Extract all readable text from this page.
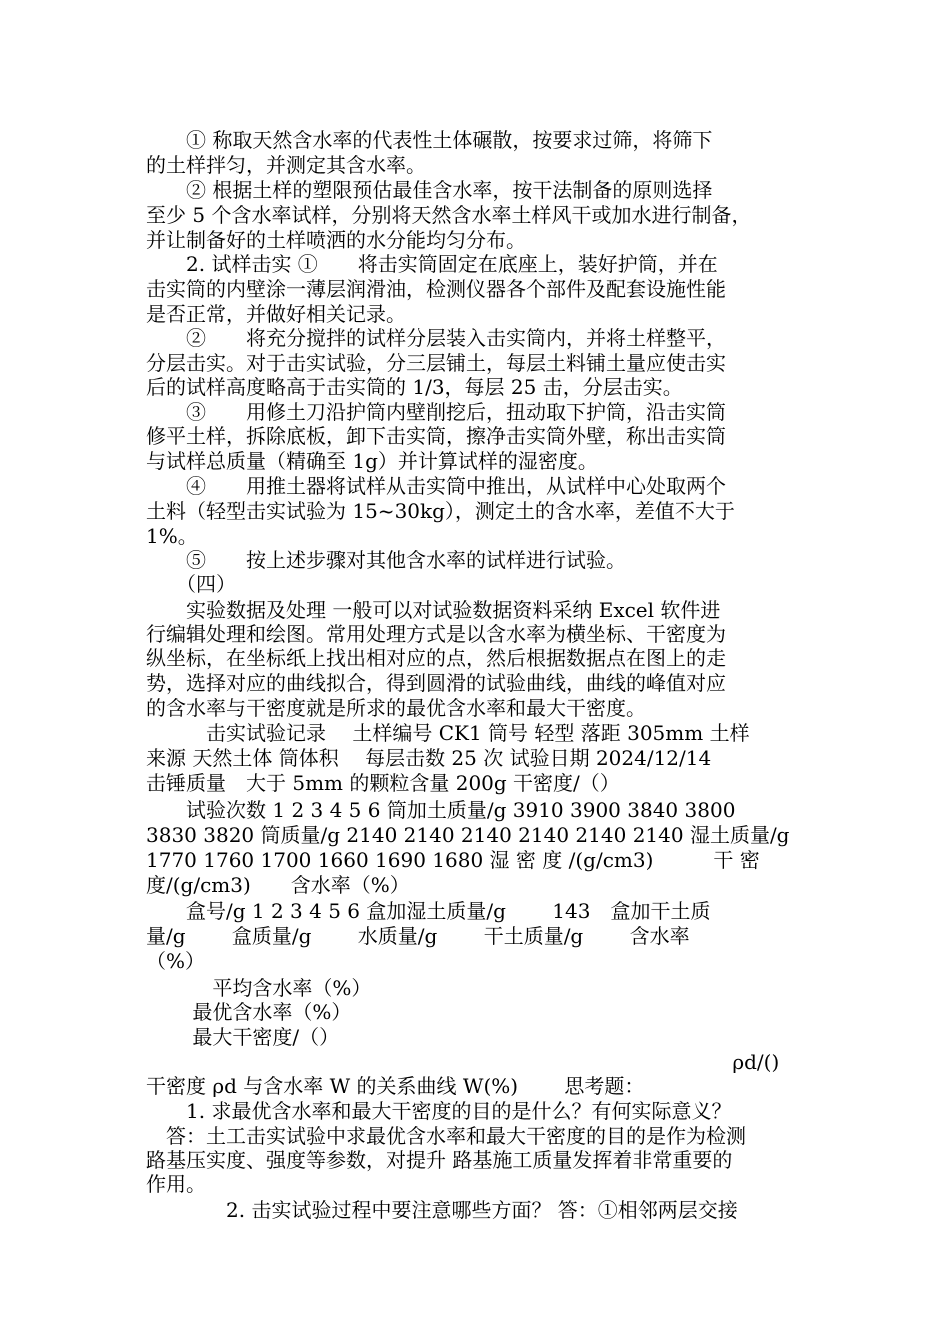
　　① 称取天然含水率的代表性土体碾散，按要求过筛，将筛下
的土样拌匀，并测定其含水率。
　　② 根据土样的塑限预估最佳含水率，按干法制备的原则选择
至少 5 个含水率试样，分别将天然含水率土样风干或加水进行制备，
并让制备好的土样喷洒的水分能均匀分布。
　　2. 试样击实 ①　　将击实筒固定在底座上，装好护筒，并在
击实筒的内壁涂一薄层润滑油，检测仪器各个部件及配套设施性能
是否正常，并做好相关记录。
　　②　　将充分搅拌的试样分层装入击实筒内，并将土样整平，
分层击实。对于击实试验，分三层铺土，每层土料铺土量应使击实
后的试样高度略高于击实筒的 1/3，每层 25 击，分层击实。
　　③　　用修土刀沿护筒内壁削挖后，扭动取下护筒，沿击实筒
修平土样，拆除底板，卸下击实筒，擦净击实筒外壁，称出击实筒
与试样总质量（精确至 1g）并计算试样的湿密度。
　　④　　用推土器将试样从击实筒中推出，从试样中心处取两个
土料（轻型击实试验为 15~30kg），测定土的含水率，差值不大于
1%。
　　⑤　　按上述步骤对其他含水率的试样进行试验。
　　（四）
　　实验数据及处理 一般可以对试验数据资料采纳 Excel 软件进
行编辑处理和绘图。常用处理方式是以含水率为横坐标、干密度为
纵坐标，在坐标纸上找出相对应的点，然后根据数据点在图上的走
势，选择对应的曲线拟合，得到圆滑的试验曲线，曲线的峰值对应
的含水率与干密度就是所求的最优含水率和最大干密度。
　　　击实试验记录　 土样编号 CK1 筒号 轻型 落距 305mm 土样
来源 天然土体 筒体积　 每层击数 25 次 试验日期 2024/12/14
击锤质量　大于 5mm 的颗粒含量 200g 干密度/（）
　　试验次数 1 2 3 4 5 6 筒加土质量/g 3910 3900 3840 3800
3830 3820 筒质量/g 2140 2140 2140 2140 2140 2140 湿土质量/g
1770 1760 1700 1660 1690 1680 湿 密 度 /(g/cm3)　　　干 密
度/(g/cm3)　　含水率（%）
　　盒号/g 1 2 3 4 5 6 盒加湿土质量/g　　 143　盒加干土质
量/g　　 盒质量/g　　 水质量/g　　 干土质量/g　　 含水率
（%）
　　　 平均含水率（%）
　　 最优含水率（%）
　　 最大干密度/（）
　　　　　　　　　　　　　　　　　　　　　　　　　　　　　 ρd/()
干密度 ρd 与含水率 W 的关系曲线 W(%)　　 思考题：
　　1. 求最优含水率和最大干密度的目的是什么？有何实际意义？
　答：土工击实试验中求最优含水率和最大干密度的目的是作为检测
路基压实度、强度等参数，对提升 路基施工质量发挥着非常重要的
作用。
　　　　2. 击实试验过程中要注意哪些方面？ 答：①相邻两层交接
